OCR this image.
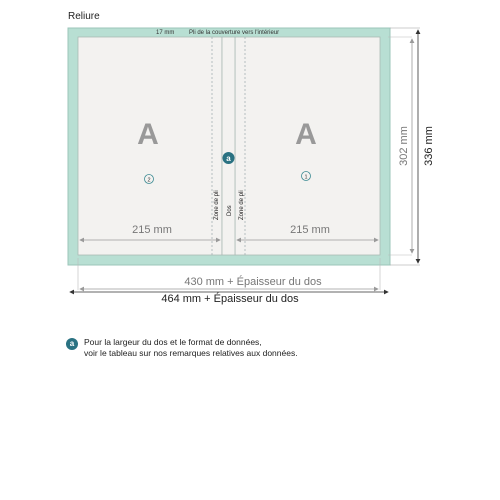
Reliure
17 mm Pli de la couverture vers l'intérieur
A	A
2	1
a
Zone de pli Dos Zone de pli
215 mm	215 mm
302 mm 336 mm
430 mm + Épaisseur du dos
464 mm + Épaisseur du dos
a	Pour la largeur du dos et le format de données,
voir le tableau sur nos remarques relatives aux données.
